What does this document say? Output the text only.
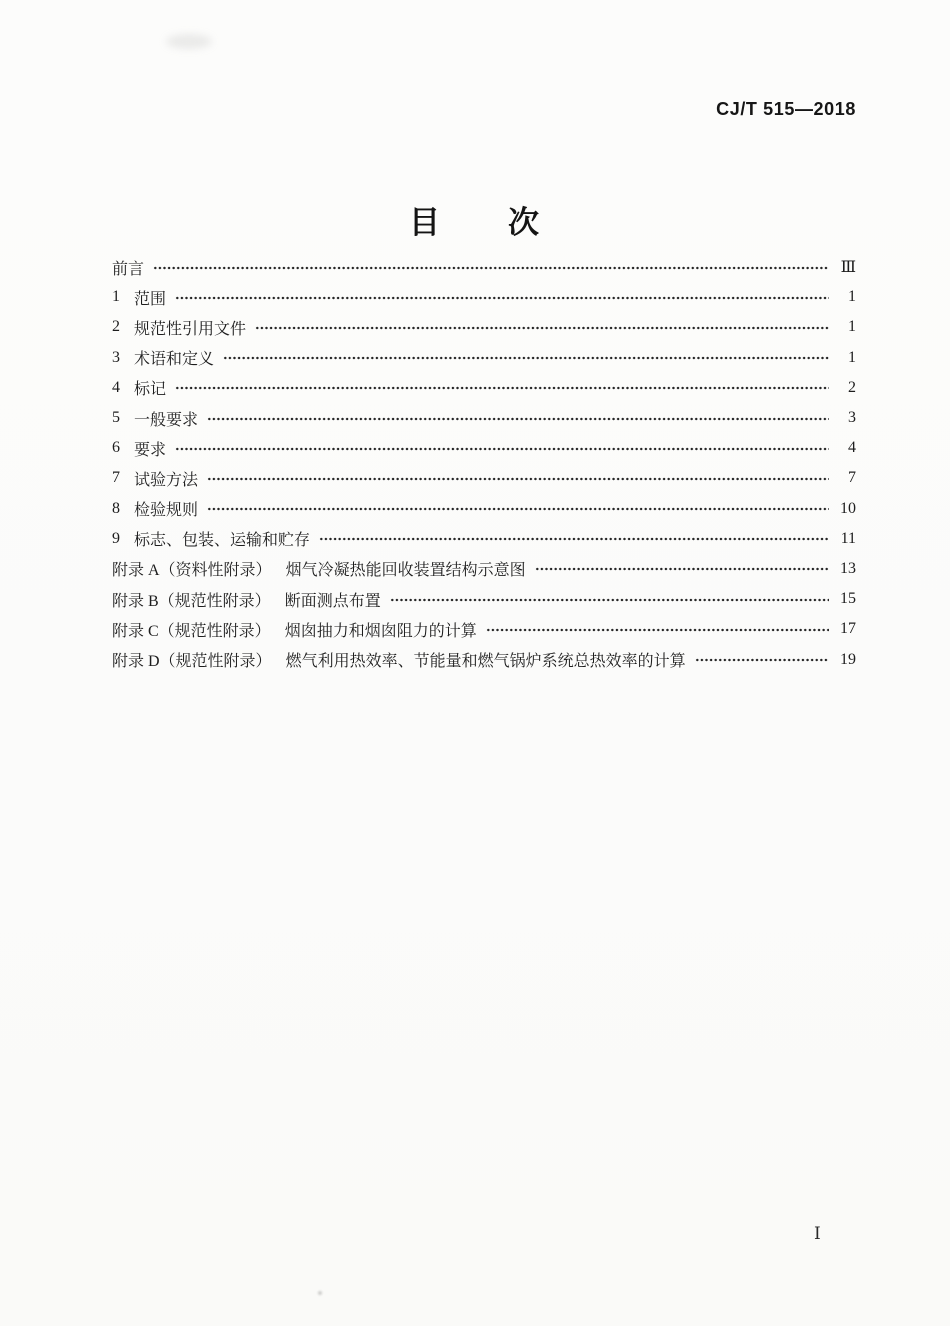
CJ/T 515—2018
目　　次
前言	Ⅲ
1 范围	1
2 规范性引用文件	1
3 术语和定义	1
4 标记	2
5 一般要求	3
6 要求	4
7 试验方法	7
8 检验规则	10
9 标志、包装、运输和贮存	11
附录 A（资料性附录） 烟气冷凝热能回收装置结构示意图	13
附录 B（规范性附录） 断面测点布置	15
附录 C（规范性附录） 烟囱抽力和烟囱阻力的计算	17
附录 D（规范性附录） 燃气利用热效率、节能量和燃气锅炉系统总热效率的计算	19
Ⅰ
